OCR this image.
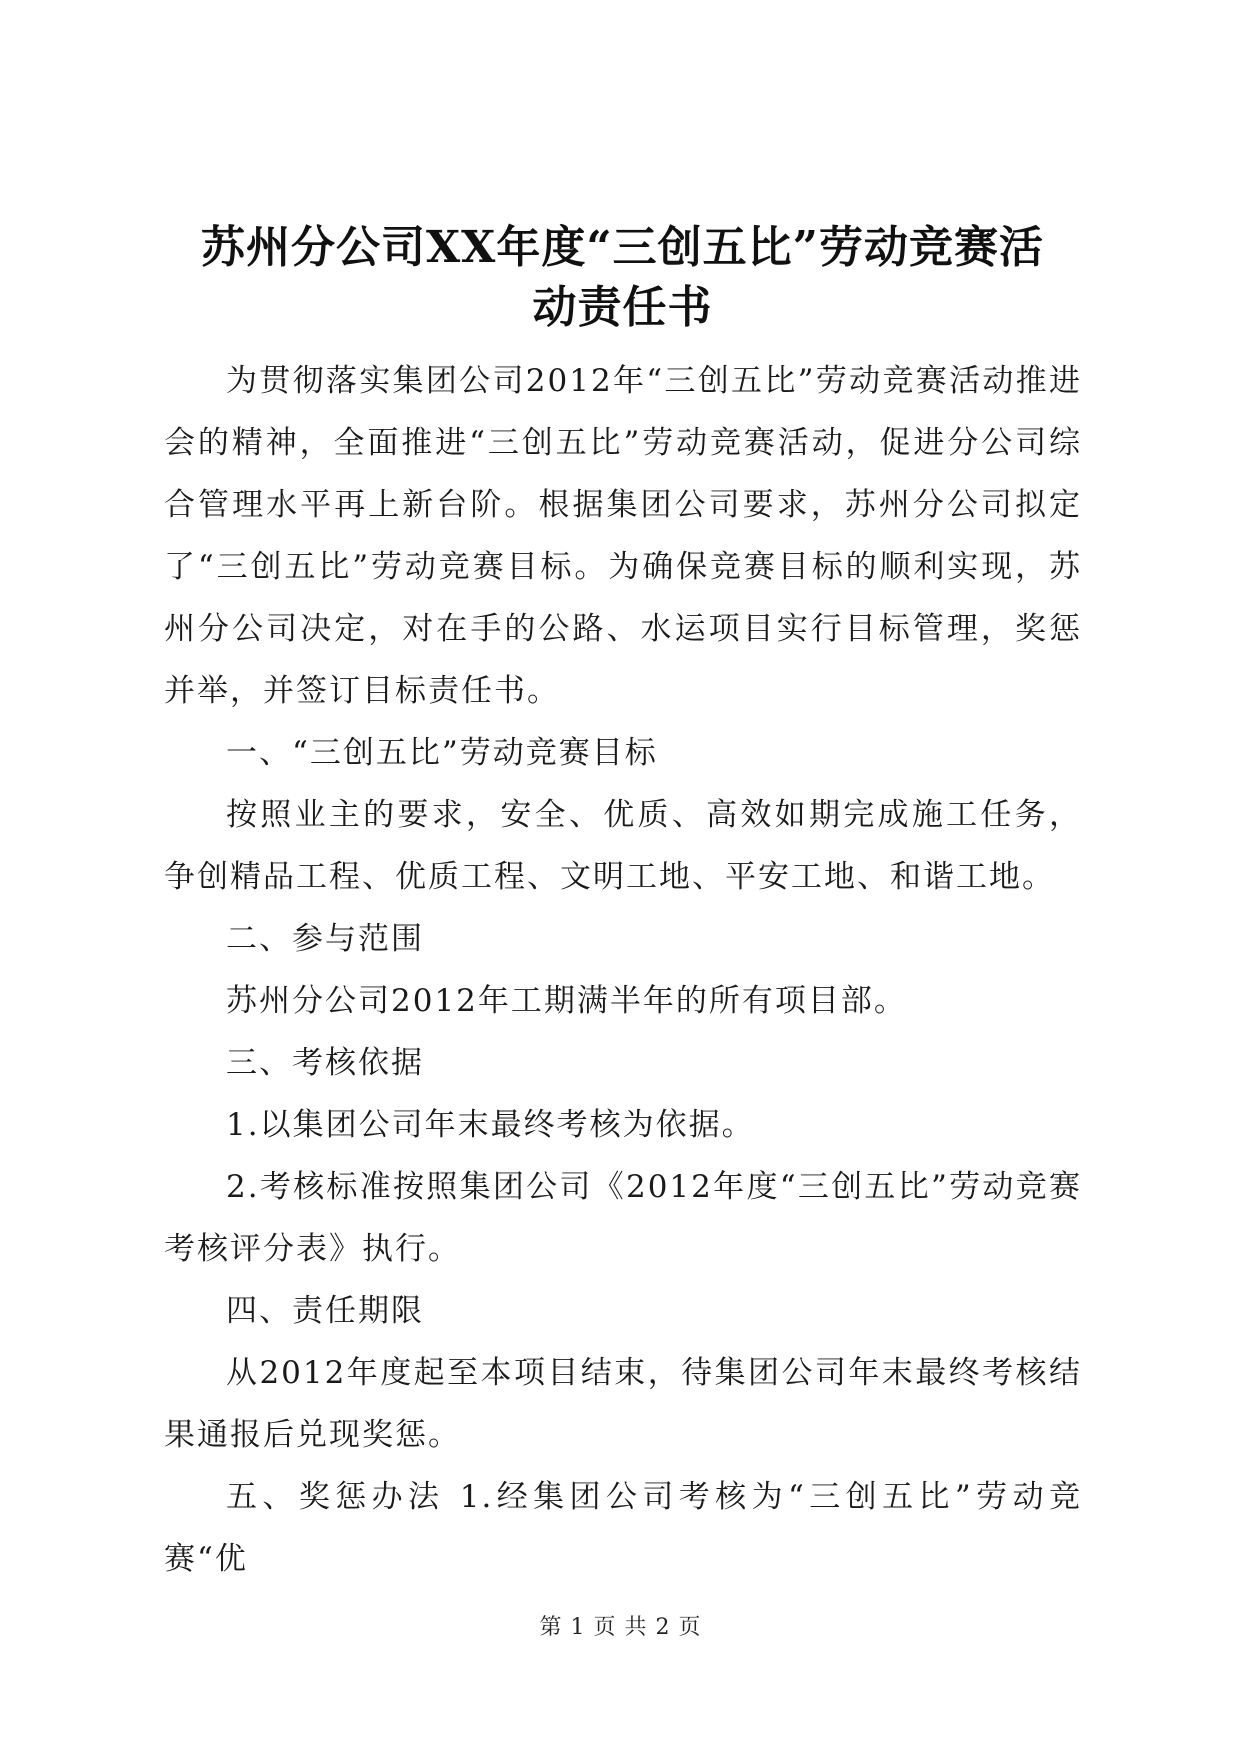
苏州分公司XX年度“三创五比”劳动竞赛活
动责任书

为贯彻落实集团公司2012年“三创五比”劳动竞赛活动推进会的精神，全面推进“三创五比”劳动竞赛活动，促进分公司综合管理水平再上新台阶。根据集团公司要求，苏州分公司拟定了“三创五比”劳动竞赛目标。为确保竞赛目标的顺利实现，苏州分公司决定，对在手的公路、水运项目实行目标管理，奖惩并举，并签订目标责任书。

一、“三创五比”劳动竞赛目标

按照业主的要求，安全、优质、高效如期完成施工任务，争创精品工程、优质工程、文明工地、平安工地、和谐工地。

二、参与范围

苏州分公司2012年工期满半年的所有项目部。

三、考核依据

1.以集团公司年末最终考核为依据。

2.考核标准按照集团公司《2012年度“三创五比”劳动竞赛考核评分表》执行。

四、责任期限

从2012年度起至本项目结束，待集团公司年末最终考核结果通报后兑现奖惩。

五、奖惩办法 1.经集团公司考核为“三创五比”劳动竞赛“优

第 1 页 共 2 页
